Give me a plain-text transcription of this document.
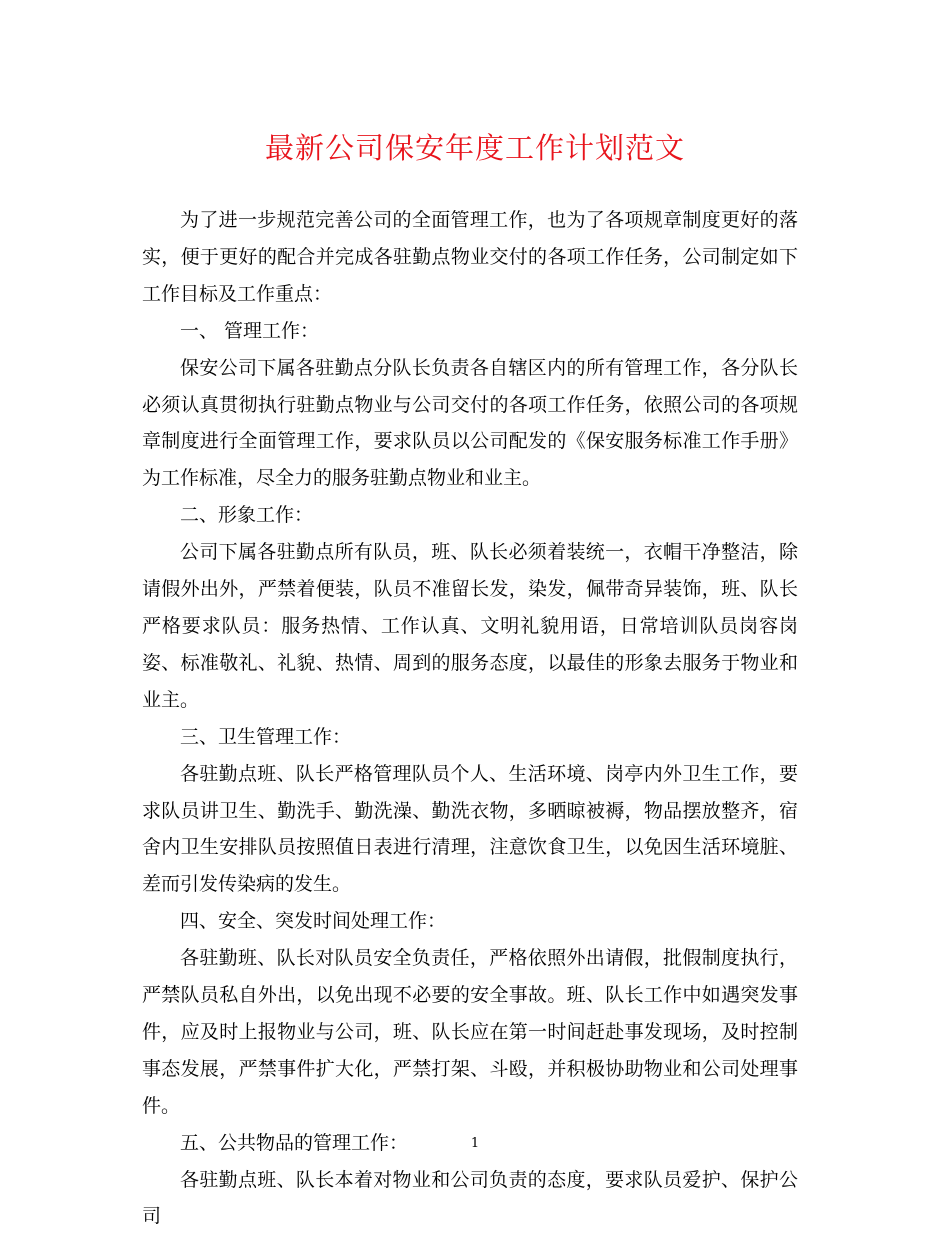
最新公司保安年度工作计划范文

为了进一步规范完善公司的全面管理工作，也为了各项规章制度更好的落实，便于更好的配合并完成各驻勤点物业交付的各项工作任务，公司制定如下工作目标及工作重点：

一、 管理工作：

保安公司下属各驻勤点分队长负责各自辖区内的所有管理工作，各分队长必须认真贯彻执行驻勤点物业与公司交付的各项工作任务，依照公司的各项规章制度进行全面管理工作，要求队员以公司配发的《保安服务标准工作手册》为工作标准，尽全力的服务驻勤点物业和业主。

二、形象工作：

公司下属各驻勤点所有队员，班、队长必须着装统一，衣帽干净整洁，除请假外出外，严禁着便装，队员不准留长发，染发，佩带奇异装饰，班、队长严格要求队员：服务热情、工作认真、文明礼貌用语，日常培训队员岗容岗姿、标准敬礼、礼貌、热情、周到的服务态度，以最佳的形象去服务于物业和业主。

三、卫生管理工作：

各驻勤点班、队长严格管理队员个人、生活环境、岗亭内外卫生工作，要求队员讲卫生、勤洗手、勤洗澡、勤洗衣物，多晒晾被褥，物品摆放整齐，宿舍内卫生安排队员按照值日表进行清理，注意饮食卫生，以免因生活环境脏、差而引发传染病的发生。

四、安全、突发时间处理工作：

各驻勤班、队长对队员安全负责任，严格依照外出请假，批假制度执行，严禁队员私自外出，以免出现不必要的安全事故。班、队长工作中如遇突发事件，应及时上报物业与公司，班、队长应在第一时间赶赴事发现场，及时控制事态发展，严禁事件扩大化，严禁打架、斗殴，并积极协助物业和公司处理事件。

五、公共物品的管理工作：

各驻勤点班、队长本着对物业和公司负责的态度，要求队员爱护、保护公司

1
